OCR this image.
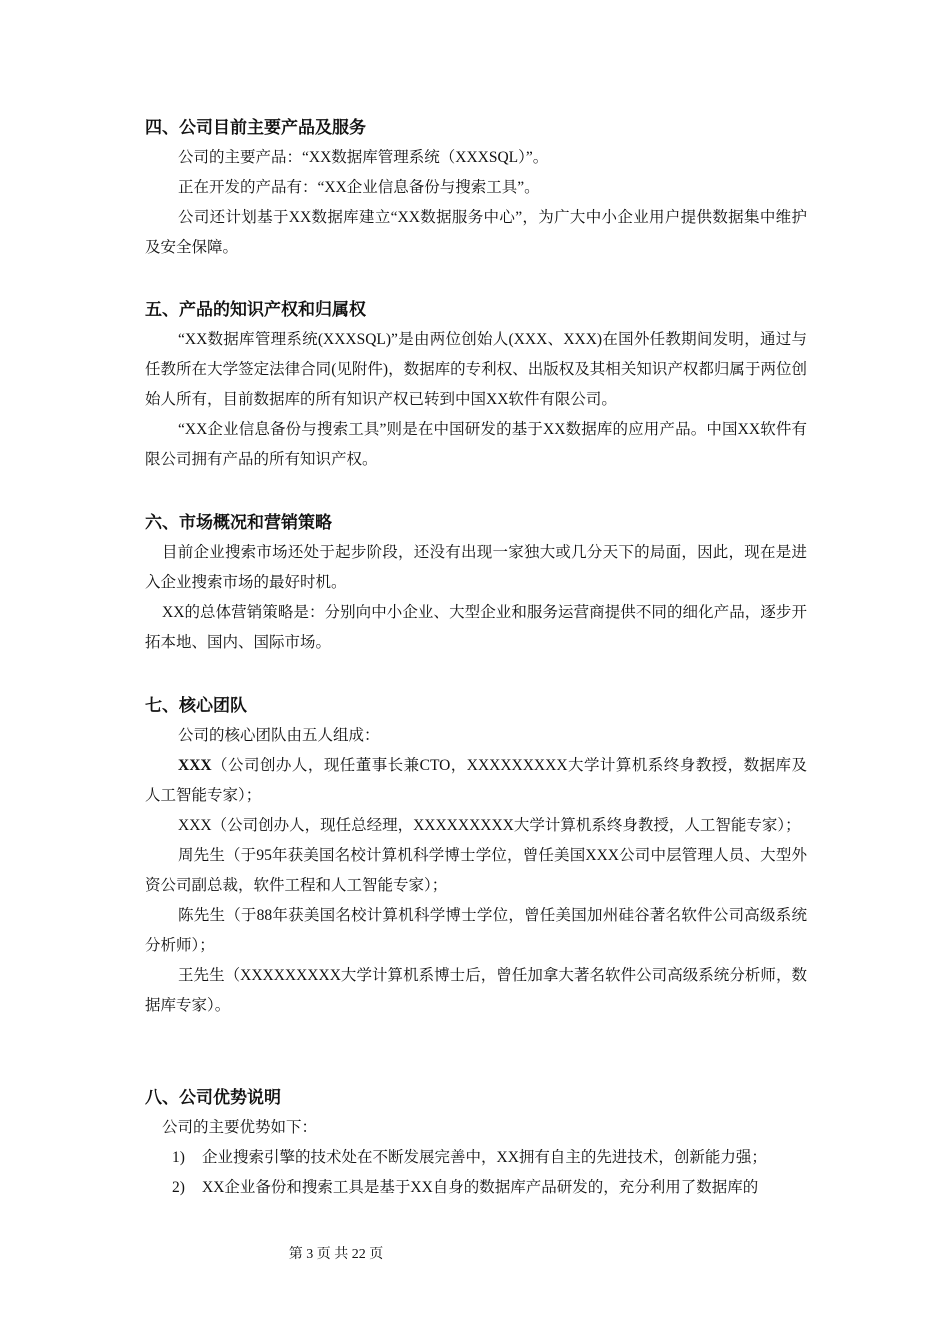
四、公司目前主要产品及服务
公司的主要产品：“XX数据库管理系统（XXXSQL）”。
正在开发的产品有：“XX企业信息备份与搜索工具”。
公司还计划基于XX数据库建立“XX数据服务中心”，为广大中小企业用户提供数据集中维护及安全保障。
五、产品的知识产权和归属权
“XX数据库管理系统(XXXSQL)”是由两位创始人(XXX、XXX)在国外任教期间发明，通过与任教所在大学签定法律合同(见附件)，数据库的专利权、出版权及其相关知识产权都归属于两位创始人所有，目前数据库的所有知识产权已转到中国XX软件有限公司。
“XX企业信息备份与搜索工具”则是在中国研发的基于XX数据库的应用产品。中国XX软件有限公司拥有产品的所有知识产权。
六、市场概况和营销策略
目前企业搜索市场还处于起步阶段，还没有出现一家独大或几分天下的局面，因此，现在是进入企业搜索市场的最好时机。
XX的总体营销策略是：分别向中小企业、大型企业和服务运营商提供不同的细化产品，逐步开拓本地、国内、国际市场。
七、核心团队
公司的核心团队由五人组成：
XXX（公司创办人，现任董事长兼CTO，XXXXXXXXX大学计算机系终身教授，数据库及人工智能专家）；
XXX（公司创办人，现任总经理，XXXXXXXXX大学计算机系终身教授，人工智能专家）；
周先生（于95年获美国名校计算机科学博士学位，曾任美国XXX公司中层管理人员、大型外资公司副总裁，软件工程和人工智能专家）；
陈先生（于88年获美国名校计算机科学博士学位，曾任美国加州硅谷著名软件公司高级系统分析师）；
王先生（XXXXXXXXX大学计算机系博士后，曾任加拿大著名软件公司高级系统分析师，数据库专家）。
八、公司优势说明
公司的主要优势如下：
1) 企业搜索引擎的技术处在不断发展完善中，XX拥有自主的先进技术，创新能力强；
2) XX企业备份和搜索工具是基于XX自身的数据库产品研发的，充分利用了数据库的
第 3 页 共 22 页
